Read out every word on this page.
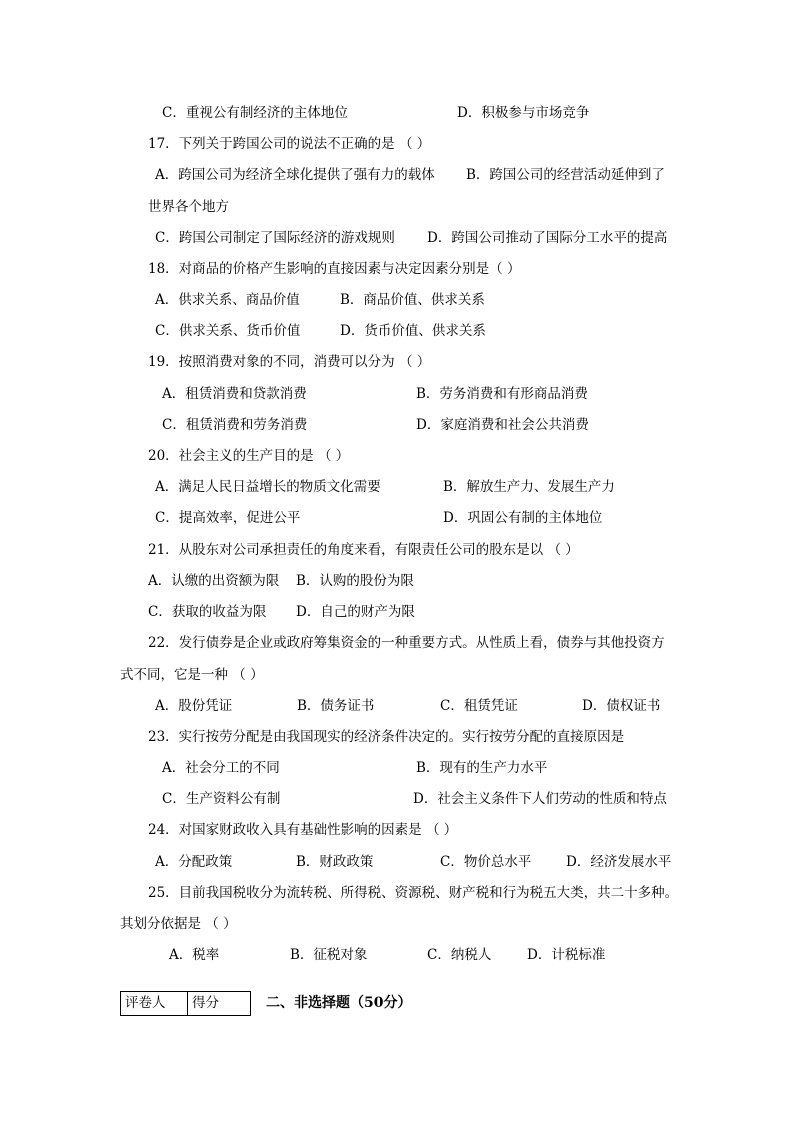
C．重视公有制经济的主体地位	D．积极参与市场竞争
17．下列关于跨国公司的说法不正确的是 （ ）
A．跨国公司为经济全球化提供了强有力的载体 B．跨国公司的经营活动延伸到了
世界各个地方
C．跨国公司制定了国际经济的游戏规则 D．跨国公司推动了国际分工水平的提高
18．对商品的价格产生影响的直接因素与决定因素分别是（ ）
A．供求关系、商品价值	B．商品价值、供求关系
C．供求关系、货币价值	D．货币价值、供求关系
19．按照消费对象的不同，消费可以分为 （ ）
A．租赁消费和贷款消费	B．劳务消费和有形商品消费
C．租赁消费和劳务消费	D．家庭消费和社会公共消费
20．社会主义的生产目的是 （ ）
A．满足人民日益增长的物质文化需要	B．解放生产力、发展生产力
C．提高效率，促进公平	D．巩固公有制的主体地位
21．从股东对公司承担责任的角度来看，有限责任公司的股东是以 （ ）
A．认缴的出资额为限 B．认购的股份为限
C．获取的收益为限 D．自己的财产为限
22．发行债券是企业或政府筹集资金的一种重要方式。从性质上看，债券与其他投资方
式不同，它是一种 （ ）
A．股份凭证	B．债务证书	C．租赁凭证	D．债权证书
23．实行按劳分配是由我国现实的经济条件决定的。实行按劳分配的直接原因是
A．社会分工的不同	B．现有的生产力水平
C．生产资料公有制	D．社会主义条件下人们劳动的性质和特点
24．对国家财政收入具有基础性影响的因素是 （ ）
A．分配政策	B．财政政策	C．物价总水平	D．经济发展水平
25．目前我国税收分为流转税、所得税、资源税、财产税和行为税五大类，共二十多种。
其划分依据是 （ ）
A．税率	B．征税对象	C．纳税人	D．计税标准
评卷人	得分	二、非选择题（50分）
